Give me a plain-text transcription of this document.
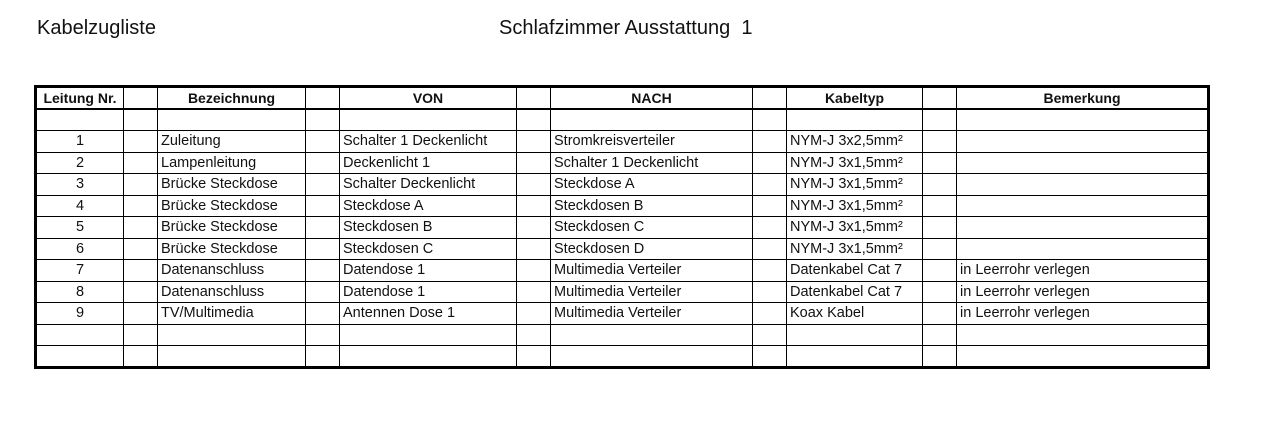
Kabelzugliste	Schlafzimmer Ausstattung  1
Leitung Nr.		Bezeichnung		VON		NACH		Kabeltyp		Bemerkung

1		Zuleitung		Schalter 1 Deckenlicht		Stromkreisverteiler		NYM-J 3x2,5mm²		
2		Lampenleitung		Deckenlicht 1		Schalter 1 Deckenlicht		NYM-J 3x1,5mm²		
3		Brücke Steckdose		Schalter Deckenlicht		Steckdose A		NYM-J 3x1,5mm²		
4		Brücke Steckdose		Steckdose A		Steckdosen B		NYM-J 3x1,5mm²		
5		Brücke Steckdose		Steckdosen B		Steckdosen C		NYM-J 3x1,5mm²		
6		Brücke Steckdose		Steckdosen C		Steckdosen D		NYM-J 3x1,5mm²		
7		Datenanschluss		Datendose 1		Multimedia Verteiler		Datenkabel Cat 7		in Leerrohr verlegen
8		Datenanschluss		Datendose 1		Multimedia Verteiler		Datenkabel Cat 7		in Leerrohr verlegen
9		TV/Multimedia		Antennen Dose 1		Multimedia Verteiler		Koax Kabel		in Leerrohr verlegen
